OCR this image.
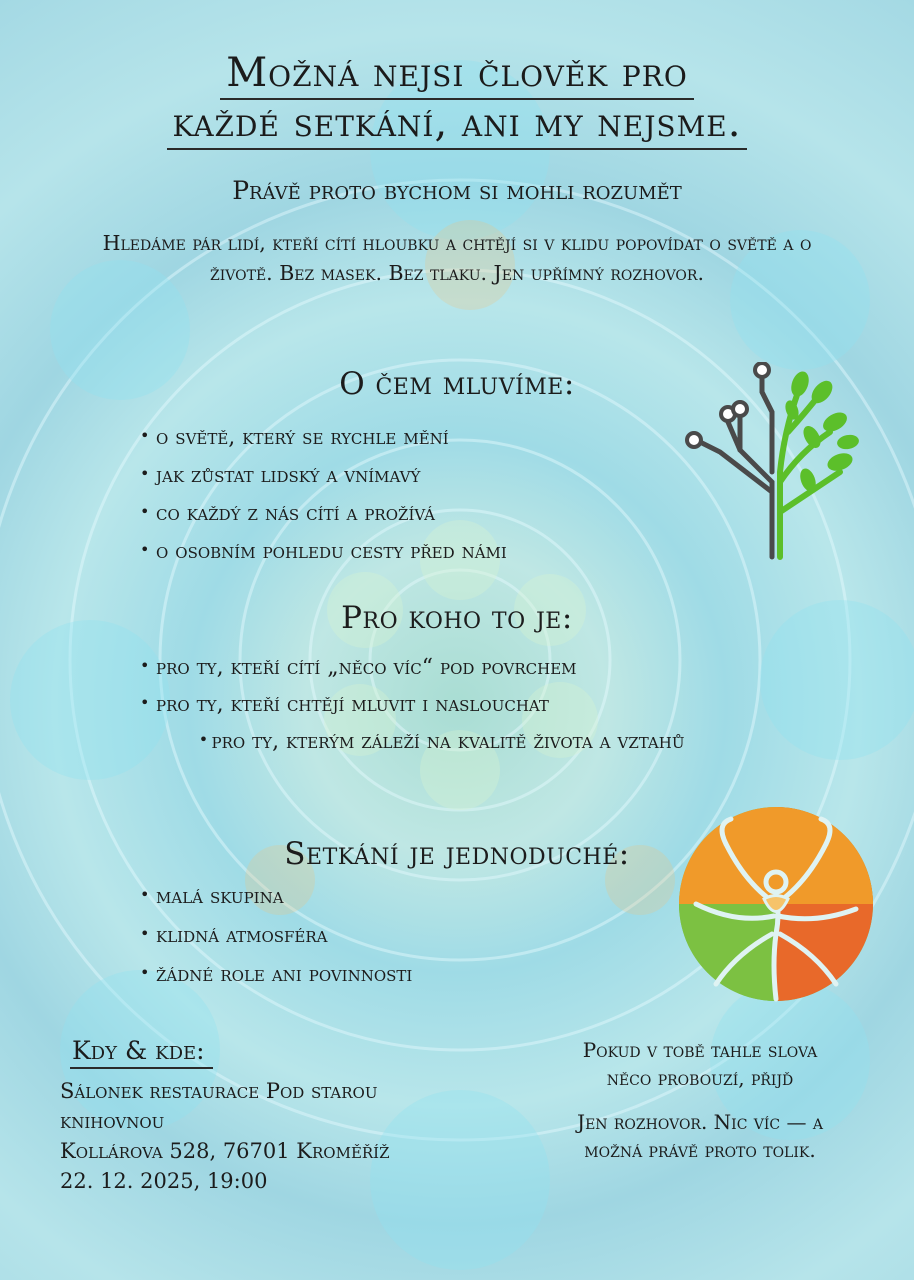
Možná nejsi člověk pro
každé setkání, ani my nejsme.
Právě proto bychom si mohli rozumět
Hledáme pár lidí, kteří cítí hloubku a chtějí si v klidu popovídat o světě a o životě. Bez masek. Bez tlaku. Jen upřímný rozhovor.
O čem mluvíme:
• o světě, který se rychle mění
• jak zůstat lidský a vnímavý
• co každý z nás cítí a prožívá
• o osobním pohledu cesty před námi
Pro koho to je:
• pro ty, kteří cítí „něco víc“ pod povrchem
• pro ty, kteří chtějí mluvit i naslouchat
• pro ty, kterým záleží na kvalitě života a vztahů
Setkání je jednoduché:
• malá skupina
• klidná atmosféra
• žádné role ani povinnosti
Kdy & kde:
Sálonek restaurace Pod starou knihovnou
Kollárova 528, 76701 Kroměříž
22. 12. 2025, 19:00

Pokud v tobě tahle slova něco probouzí, přijď

Jen rozhovor. Nic víc — a možná právě proto tolik.
